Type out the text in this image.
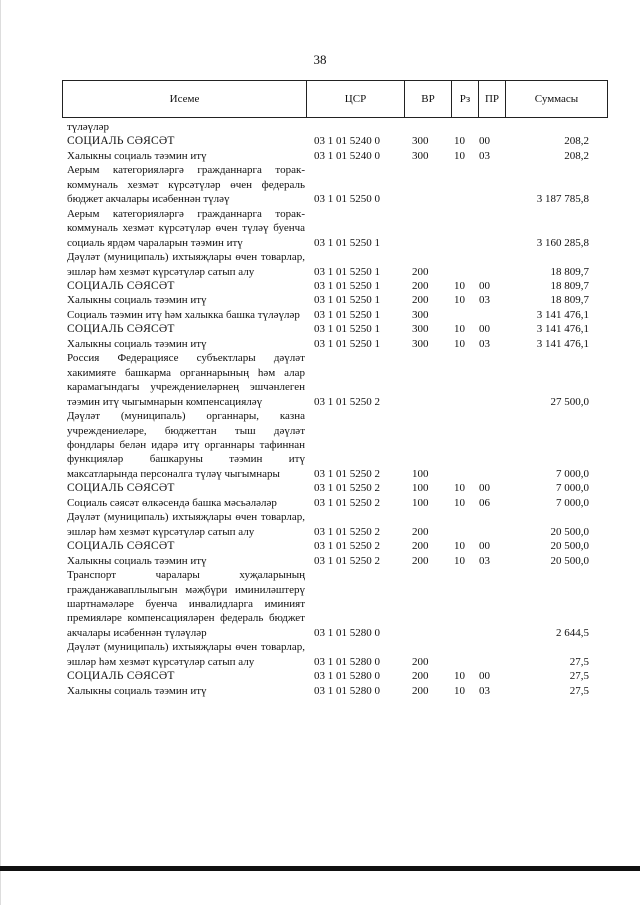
38
Исеме	ЦСР	ВР	Рз	ПР	Суммасы
түләүләр
СОЦИАЛЬ СӘЯСӘТ	03 1 01 5240 0	300 10 00	208,2
Халыкны социаль тәэмин итү	03 1 01 5240 0	300 10 03	208,2
Аерым категорияләргә гражданнарга торак-коммуналь хезмәт күрсәтүләр өчен федераль бюджет акчалары исәбеннән түләү	03 1 01 5250 0	3 187 785,8
Аерым категорияләргә гражданнарга торак-коммуналь хезмәт күрсәтүләр өчен түләү буенча социаль ярдәм чараларын тәэмин итү	03 1 01 5250 1	3 160 285,8
Дәүләт (муниципаль) ихтыяҗлары өчен товарлар, эшләр һәм хезмәт күрсәтүләр сатып алу	03 1 01 5250 1	200	18 809,7
СОЦИАЛЬ СӘЯСӘТ	03 1 01 5250 1	200 10 00	18 809,7
Халыкны социаль тәэмин итү	03 1 01 5250 1	200 10 03	18 809,7
Социаль тәэмин итү һәм халыкка башка түләүләр	03 1 01 5250 1	300	3 141 476,1
СОЦИАЛЬ СӘЯСӘТ	03 1 01 5250 1	300 10 00	3 141 476,1
Халыкны социаль тәэмин итү	03 1 01 5250 1	300 10 03	3 141 476,1
Россия Федерациясе субъектлары дәүләт хакимияте башкарма органнарының һәм алар карамагындагы учреждениеләрнең эшчәнлеген тәэмин итү чыгымнарын компенсацияләү	03 1 01 5250 2	27 500,0
Дәүләт (муниципаль) органнары, казна учреждениеләре, бюджеттан тыш дәүләт фондлары белән идарә итү органнары тафиннан функцияләр башкаруны тәэмин итү максатларында персоналга түләү чыгымнары	03 1 01 5250 2	100	7 000,0
СОЦИАЛЬ СӘЯСӘТ	03 1 01 5250 2	100 10 00	7 000,0
Социаль сәясәт өлкәсендә башка мәсьәләләр	03 1 01 5250 2	100 10 06	7 000,0
Дәүләт (муниципаль) ихтыяҗлары өчен товарлар, эшләр һәм хезмәт күрсәтүләр сатып алу	03 1 01 5250 2	200	20 500,0
СОЦИАЛЬ СӘЯСӘТ	03 1 01 5250 2	200 10 00	20 500,0
Халыкны социаль тәэмин итү	03 1 01 5250 2	200 10 03	20 500,0
Транспорт чаралары хуҗаларының гражданжаваплылыгын мәҗбүри иминиләштерү шартнамәләре буенча инвалидларга иминият премияләре компенсацияләрен федераль бюджет акчалары исәбеннән түләүләр	03 1 01 5280 0	2 644,5
Дәүләт (муниципаль) ихтыяҗлары өчен товарлар, эшләр һәм хезмәт күрсәтүләр сатып алу	03 1 01 5280 0	200	27,5
СОЦИАЛЬ СӘЯСӘТ	03 1 01 5280 0	200 10 00	27,5
Халыкны социаль тәэмин итү	03 1 01 5280 0	200 10 03	27,5
